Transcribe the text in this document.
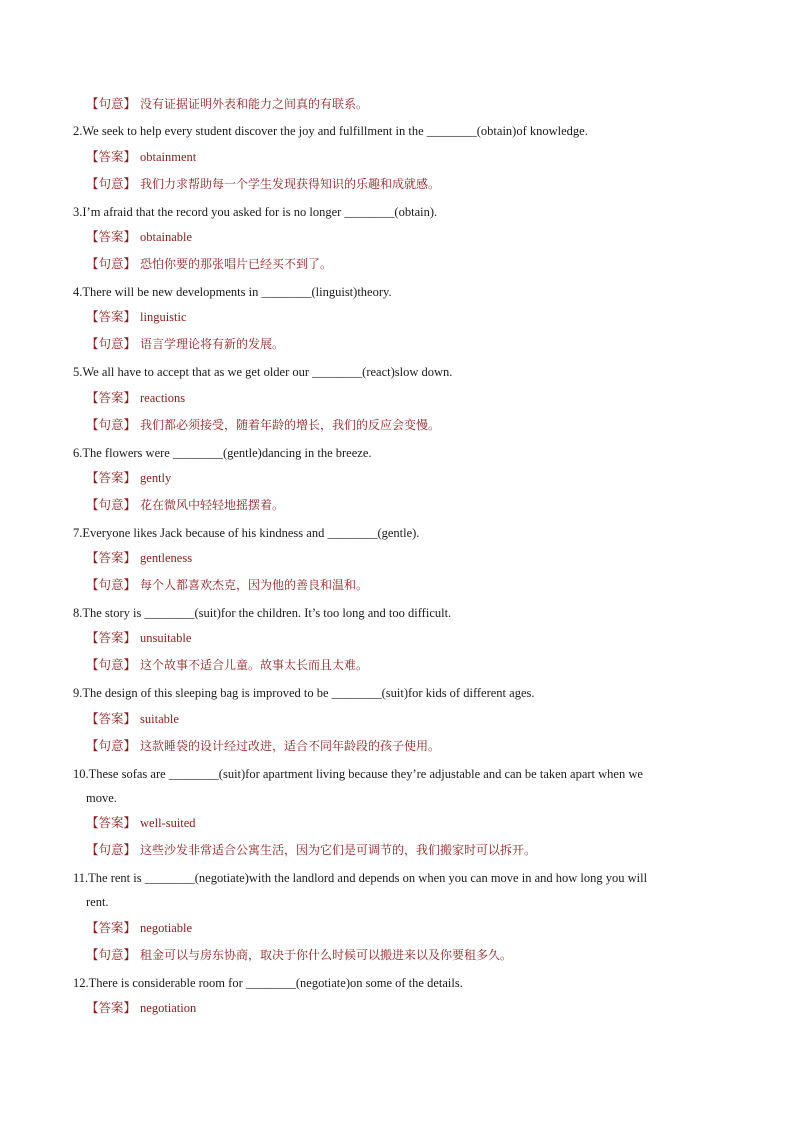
【句意】 没有证据证明外表和能力之间真的有联系。
2.We seek to help every student discover the joy and fulfillment in the ________(obtain)of knowledge.
【答案】 obtainment
【句意】 我们力求帮助每一个学生发现获得知识的乐趣和成就感。
3.I’m afraid that the record you asked for is no longer ________(obtain).
【答案】 obtainable
【句意】 恐怕你要的那张唱片已经买不到了。
4.There will be new developments in ________(linguist)theory.
【答案】 linguistic
【句意】 语言学理论将有新的发展。
5.We all have to accept that as we get older our ________(react)slow down.
【答案】 reactions
【句意】 我们都必须接受，随着年龄的增长，我们的反应会变慢。
6.The flowers were ________(gentle)dancing in the breeze.
【答案】 gently
【句意】 花在微风中轻轻地摇摆着。
7.Everyone likes Jack because of his kindness and ________(gentle).
【答案】 gentleness
【句意】 每个人都喜欢杰克，因为他的善良和温和。
8.The story is ________(suit)for the children. It’s too long and too difficult.
【答案】 unsuitable
【句意】 这个故事不适合儿童。故事太长而且太难。
9.The design of this sleeping bag is improved to be ________(suit)for kids of different ages.
【答案】 suitable
【句意】 这款睡袋的设计经过改进，适合不同年龄段的孩子使用。
10.These sofas are ________(suit)for apartment living because they’re adjustable and can be taken apart when we
move.
【答案】 well-suited
【句意】 这些沙发非常适合公寓生活，因为它们是可调节的，我们搬家时可以拆开。
11.The rent is ________(negotiate)with the landlord and depends on when you can move in and how long you will
rent.
【答案】 negotiable
【句意】 租金可以与房东协商，取决于你什么时候可以搬进来以及你要租多久。
12.There is considerable room for ________(negotiate)on some of the details.
【答案】 negotiation
